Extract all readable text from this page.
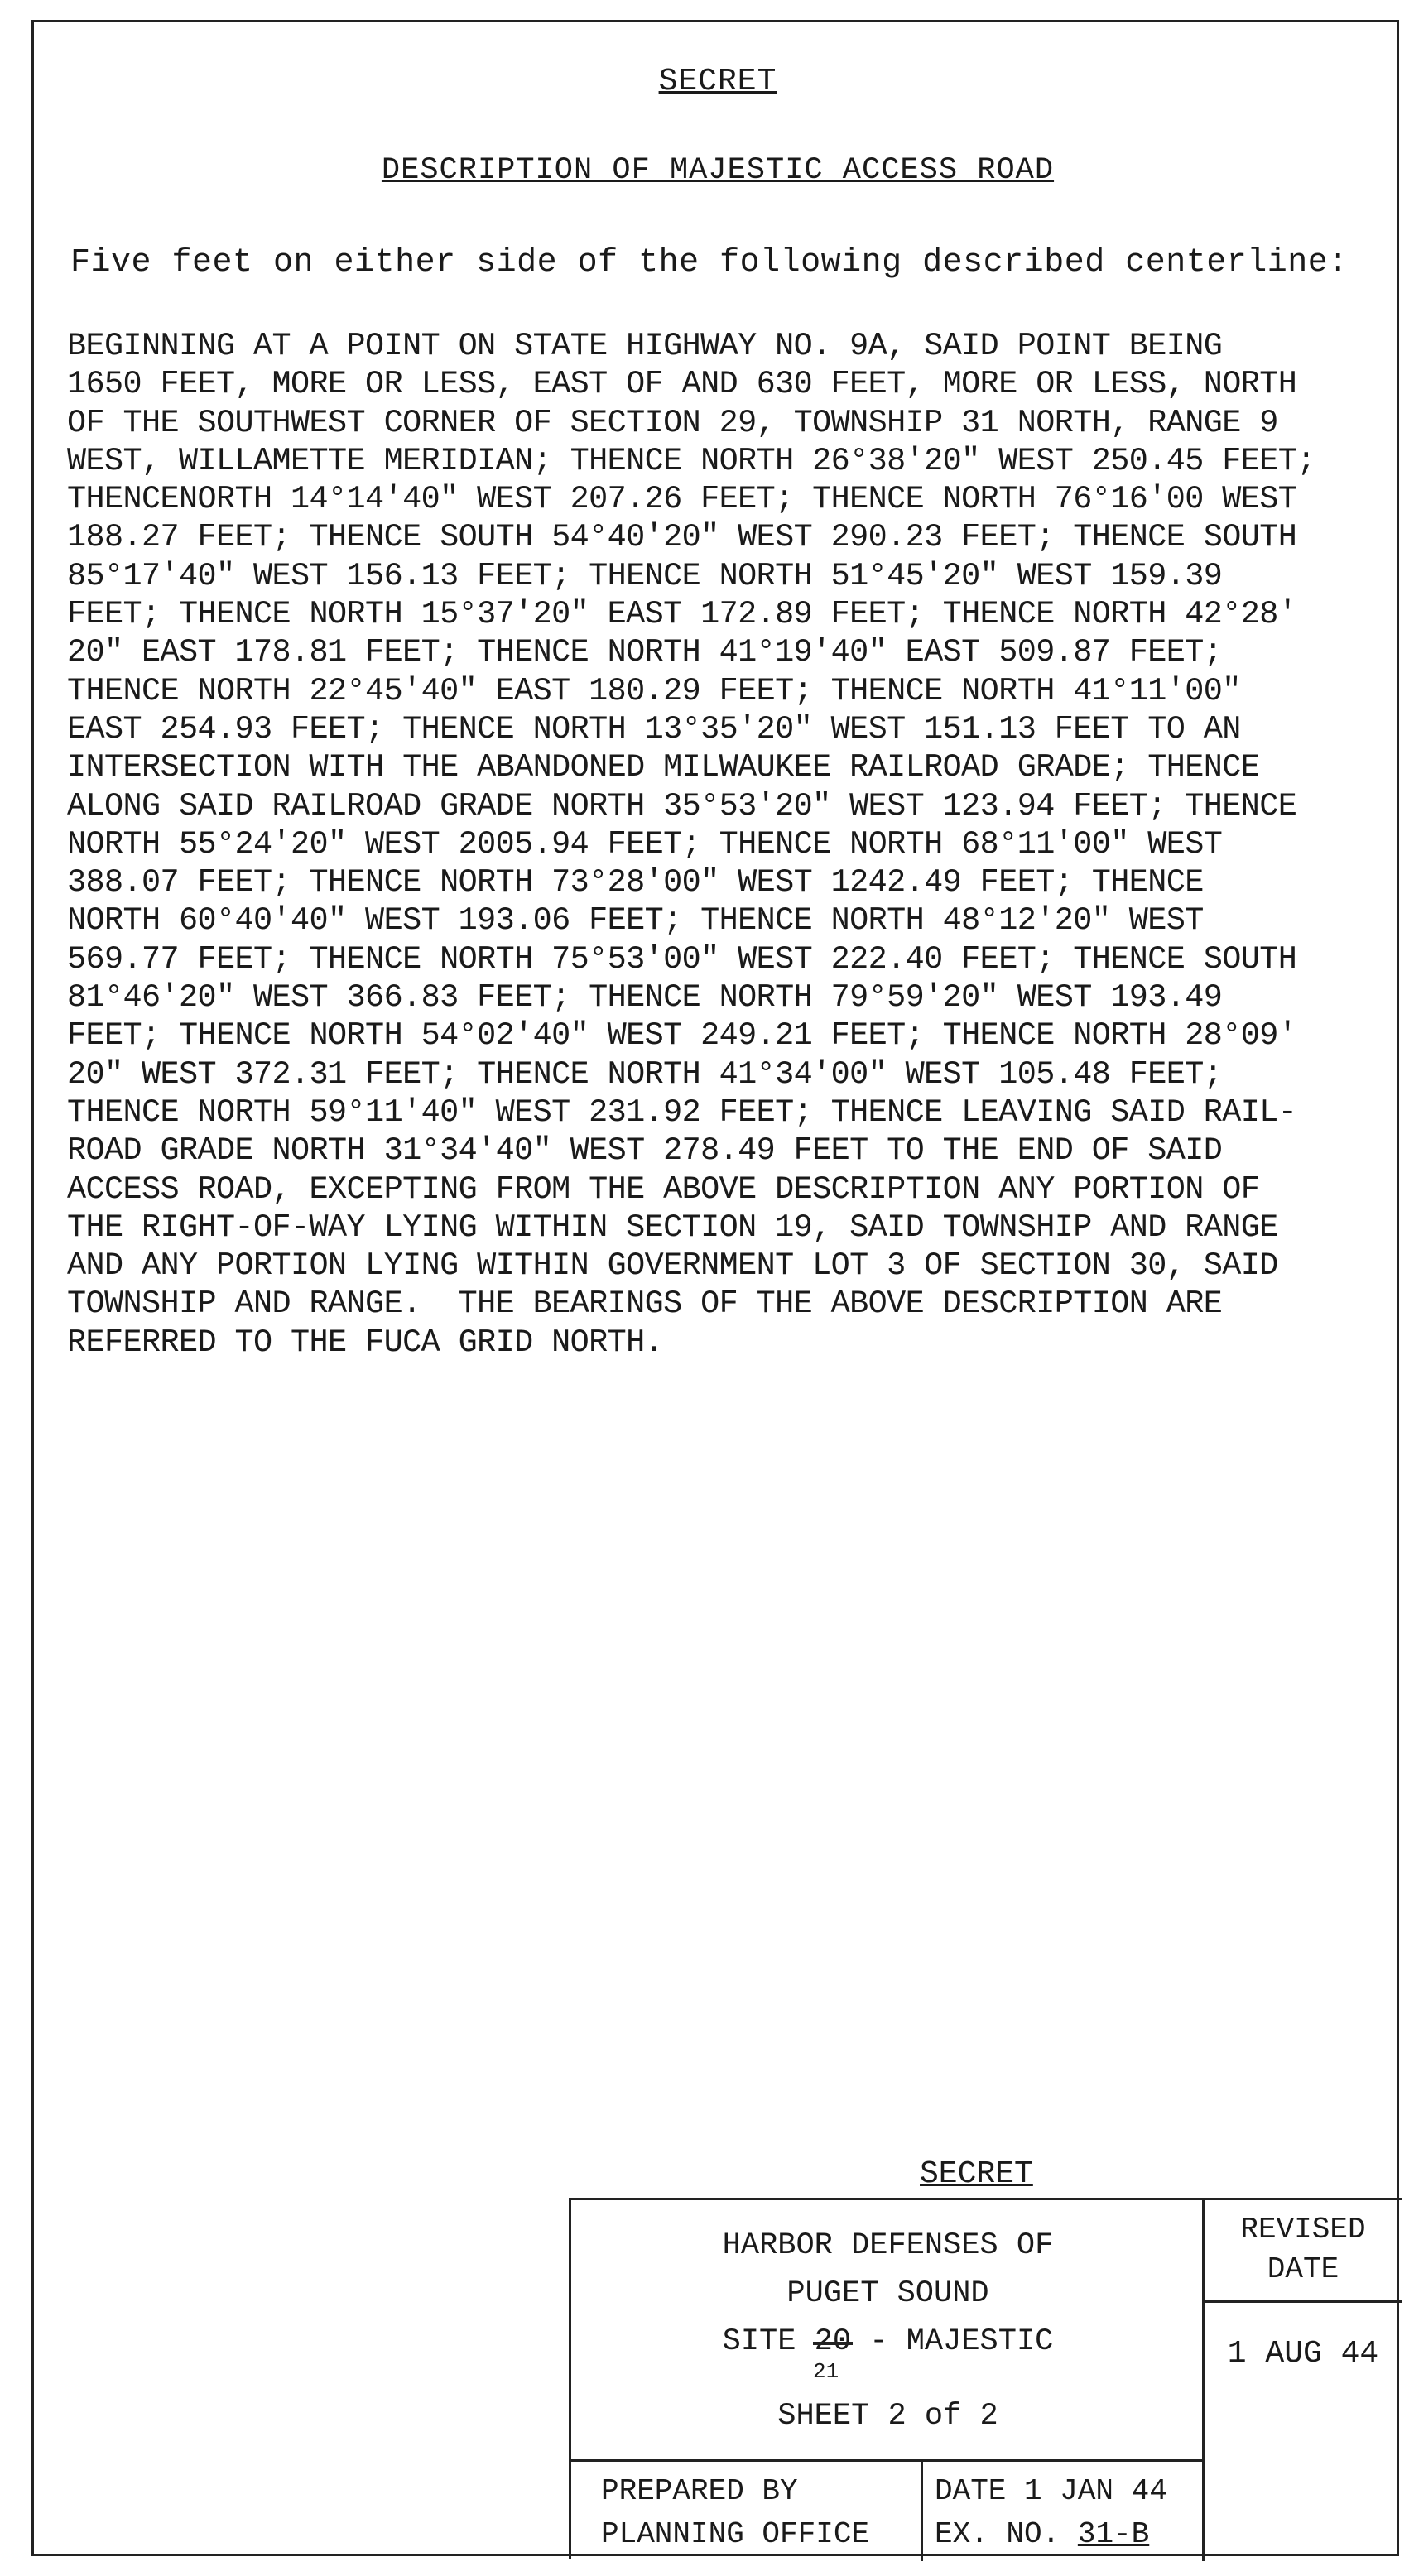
SECRET
DESCRIPTION OF MAJESTIC ACCESS ROAD
Five feet on either side of the following described centerline:
BEGINNING AT A POINT ON STATE HIGHWAY NO. 9A, SAID POINT BEING
1650 FEET, MORE OR LESS, EAST OF AND 630 FEET, MORE OR LESS, NORTH
OF THE SOUTHWEST CORNER OF SECTION 29, TOWNSHIP 31 NORTH, RANGE 9
WEST, WILLAMETTE MERIDIAN; THENCE NORTH 26°38'20" WEST 250.45 FEET;
THENCENORTH 14°14'40" WEST 207.26 FEET; THENCE NORTH 76°16'00 WEST
188.27 FEET; THENCE SOUTH 54°40'20" WEST 290.23 FEET; THENCE SOUTH
85°17'40" WEST 156.13 FEET; THENCE NORTH 51°45'20" WEST 159.39
FEET; THENCE NORTH 15°37'20" EAST 172.89 FEET; THENCE NORTH 42°28'
20" EAST 178.81 FEET; THENCE NORTH 41°19'40" EAST 509.87 FEET;
THENCE NORTH 22°45'40" EAST 180.29 FEET; THENCE NORTH 41°11'00"
EAST 254.93 FEET; THENCE NORTH 13°35'20" WEST 151.13 FEET TO AN
INTERSECTION WITH THE ABANDONED MILWAUKEE RAILROAD GRADE; THENCE
ALONG SAID RAILROAD GRADE NORTH 35°53'20" WEST 123.94 FEET; THENCE
NORTH 55°24'20" WEST 2005.94 FEET; THENCE NORTH 68°11'00" WEST
388.07 FEET; THENCE NORTH 73°28'00" WEST 1242.49 FEET; THENCE
NORTH 60°40'40" WEST 193.06 FEET; THENCE NORTH 48°12'20" WEST
569.77 FEET; THENCE NORTH 75°53'00" WEST 222.40 FEET; THENCE SOUTH
81°46'20" WEST 366.83 FEET; THENCE NORTH 79°59'20" WEST 193.49
FEET; THENCE NORTH 54°02'40" WEST 249.21 FEET; THENCE NORTH 28°09'
20" WEST 372.31 FEET; THENCE NORTH 41°34'00" WEST 105.48 FEET;
THENCE NORTH 59°11'40" WEST 231.92 FEET; THENCE LEAVING SAID RAIL-
ROAD GRADE NORTH 31°34'40" WEST 278.49 FEET TO THE END OF SAID
ACCESS ROAD, EXCEPTING FROM THE ABOVE DESCRIPTION ANY PORTION OF
THE RIGHT-OF-WAY LYING WITHIN SECTION 19, SAID TOWNSHIP AND RANGE
AND ANY PORTION LYING WITHIN GOVERNMENT LOT 3 OF SECTION 30, SAID
TOWNSHIP AND RANGE.  THE BEARINGS OF THE ABOVE DESCRIPTION ARE
REFERRED TO THE FUCA GRID NORTH.
SECRET
HARBOR DEFENSES OF
PUGET SOUND
SITE 20 - MAJESTIC
21
SHEET 2 of 2
REVISED
DATE
1 AUG 44
PREPARED BY
PLANNING OFFICE
DATE 1 JAN 44
EX. NO. 31-B
